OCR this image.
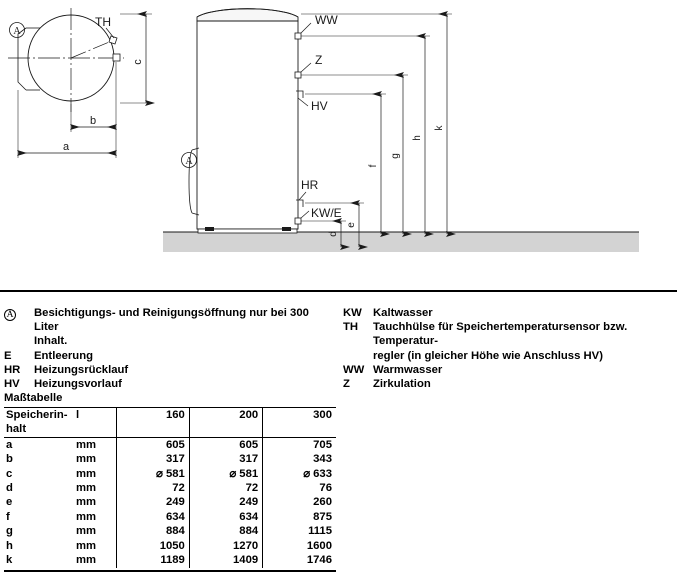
TH
A
c
b
a
A
WW
Z
HV
HR
KW/E
d
e
f
g
h
k
A	Besichtigungs- und Reinigungsöffnung nur bei 300 Liter
Inhalt.
E	Entleerung
HR	Heizungsrücklauf
HV	Heizungsvorlauf
KW Kaltwasser
TH	Tauchhülse für Speichertemperatursensor bzw. Temperatur-
regler (in gleicher Höhe wie Anschluss HV)
WW Warmwasser
Z	Zirkulation
Maßtabelle
Speicherin-
halt	l	160	200	300
a	mm	605	605	705
b	mm	317	317	343
c	mm	⌀ 581	⌀ 581	⌀ 633
d	mm	72	72	76
e	mm	249	249	260
f	mm	634	634	875
g	mm	884	884	1115
h	mm	1050	1270	1600
k	mm	1189	1409	1746
